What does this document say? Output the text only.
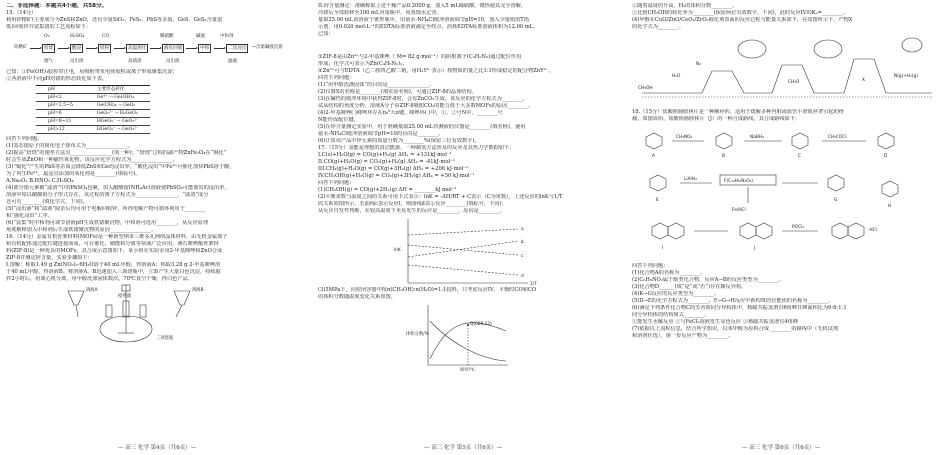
二、非选择题：本题共4小题，共58分。

15.（14分）

利用锌精矿(主要成分为ZnS和ZnO，还有少量SiO₂、FeS₂、PbS等杂质，GeS、GeS₂含量很

低)回收锌并富集锗的工艺流程如下：

锌精矿	焙烧	酸浸	铁粉	高温熔化	液化回收	中和	二次浸出	→含锗碱液沉锗
O₂	H₂SO₄	CO	稀硫酸	碱液	中和剂
烟气	浸出渣	高锗渣	浸出液	滤液

已知：①Fe(OH)₃胶粒带正电，易吸附带负电荷胶粒或离子形成聚集沉淀；

②各溶液中不同pH对锗的形态转化如下表。

pH	主要形态转化
pH<2	Ge⁴⁺ → Ge(OH)₄
pH=2.5~5	Ge(OH)₄ → GeO₂
pH=6	GeO₃²⁻ → H₂GeO₃
pH=8~11	HGeO₃⁻ → GeO₃²⁻
pH>12	HGeO₃⁻ → GeO₃²⁻

回答下列问题：

(1)基态锗原子的简化电子排布式为________________。

(2)提高“焙烧”的速率方法有________________(填一种)；“焙烧”过程的副产物ZnFe₂O₄在“铜化”

时会生成ZnO和一种磁性氧化物，该反应化学方程式为________________。

(3)“铜化”产生的PbS等杂质会降低ZnS和Ge的浸出率，“酸化浸出”中Fe³⁺可催化加快PbS溶于酸，

为了再生Fe³⁺，最适宜添加的氧化剂是________(填标号)。

A.Na₂O₂ B.HNO₃ C.H₂SO₄

(4)部分锗元素被“滤渣”中的PbSO₄包裹，加入醋酸铵(NH₄Ac)溶液使PbSO₄可能离出的浸出率，

溶液中铅以醋酸铅分子形式存在，该过程的离子方程式为________________，“滤渣”成分

还可有________(填化学式，下同)。

(5)“浸出液”和“滤液”除杂后均可用于电解回收锌，所得电解产物可循环利用于________

和“强化浸出”工序。

(6)“富集”时中和剂可调节溶液pH生成铁锗聚沉物，中和剂可选用________，从反应原理

角度解释加入中和剂后生成铁锗聚沉物的原因________________。

16.（14分）金属有机骨架材料(MOFs)是一种新型纳米三维多孔网络晶体材料，由无机金属离子

和有机配体通过配位键连接而成，可在催化、储能和分离等领域广泛应用。沸石咪唑酯骨架材

料(ZIF-8)是一种优良的MOFs，其合成示意图如下，某小组在实验室用2-甲基咪唑和ZnO合成

ZIF-8并测定锌含量，实验步骤如下：

I.溶解：称取1.49 g Zn(NO₃)₂·6H₂O溶于40 mL甲醇，得溶液A；称取3.28 g 2-甲基咪唑溶

于40 mL甲醇，得溶液B。将溶液A、B迅速加入三颈烧瓶中，立即产生大量白色沉淀，持续搅

拌2小时后，用离心机分离，用甲醇洗涤固体数次，70℃真空干燥，得白色产品。

溶液A
搅拌器
溶液B
三颈烧瓶
— 高三 化学 第4页（共6页）—

II.锌含量测定：准确称取上述干燥产品0.2000 g，加入5 mL稀硝酸，微热使其完全溶解，

冷却后全部转移至100 mL容量瓶中，用蒸馏水定容。

量取25.00 mL该溶液于锥形瓶中，用氨水-NH₄Cl缓冲溶液调节pH=10，加入少量铬黑T指

示剂，用0.020 mol·L⁻¹的EDTA标准溶液滴定至终点，消耗EDTA标准溶液体积为12.00 mL。

已知：

①ZIF-8是由Zn²⁺与2-甲基咪唑（ M= 82 g·mol⁻¹）的阴根离子(C₄H₅N₂)通过配位作用

形成，化学式可表示为Zn(C₄H₅N₂)₂；

②Zn²⁺可与EDTA（乙二胺四乙酸二钠，用H₂Y²⁻表示）按物质的量之比1:1形成稳定的配合物ZnY²⁻。

回答下列问题：

(1)“用甲醇洗涤固体”的目的是________________。

(2)仪器X的名称是________(填实验名称)，可通过ZIF-8的晶体结构。

(3)在碱性的缓冲环境中获得ZIF-8时，会有ZnCO₃生成，该反应的化学方程式为________，

试从结构的角度分析，溶液A分子由ZIF-8吸附CO₂的能力低于大多数MOFs的原因________。

(4)2-甲基咪唑( )咪唑环存在π₅⁶大π键，咪唑环( )中，①、②号N中，________号

N能形成配位键。

(5)在锌含量测定实验中，用于准确量取25.00 mL待测液的仪器是________(填名称)，使用

氨水-NH₄Cl缓冲溶液调节pH=10的目的是________。

(6)计算该产品中锌元素的质量分数为________%(保留三位有效数字)。

17.（15分）氢能是理想的清洁能源，一种制氢方法涉及的反应及其热力学数据如下：

I.C(s)+H₂O(g) = CO(g)+H₂(g) ΔH₁ = +131kJ·mol⁻¹

II.CO(g)+H₂O(g) = CO₂(g)+H₂(g) ΔH₂ = -41kJ·mol⁻¹

III.CH₄(g)+H₂O(g) = CO(g)+3H₂(g) ΔH₃ = +206 kJ·mol⁻¹

IV.CH₃OH(g)+H₂O(g) = CO₂(g)+3H₂(g) ΔH₄ = +50 kJ·mol⁻¹

回答下列问题：

(1)CH₃OH(g) = CO(g)+2H₂(g) ΔH = ________kJ·mol⁻¹

(2)平衡常数与温度之间的关系可用下式表示：lnK = -ΔH/RT + C表示（C为常数），上述反应的lnK与1/T

的关系如图所示，若曲线c表示反应I，则曲线d表示反应________(填标号，下同)；

从反应自发性判断，在较高温度下更易发生的反应是________，原因是________。

lnK
1/T
a
b
c
d

(3)5MPa下，向密闭容器中按n(CH₃OH):n(H₂O)=1:1投料，只考虑反应IV，平衡时CO和CO

的体积分数随温度变化关系如图。

Q(600,12)
体积分数/%
温度/℃
— 高三 化学 第5页（共6页）—

①随着温度的升高，H₂的体积分数________。

②比值CH₃OH的转化率为________(保留两位有效数字，下同)，此时反应IV的Kₚ=________。

(4)甲醇在CuO/ZnO/CeO₂/ZrO₂催化剂表面的反应过程与能量关系如下，在如图所示下，产物X

的化学式为________。

CH₃OH
H₂O
N₂
CH₂O	X
N(g)+H₂(g)

18.（15分）盐酸阻肠胺林片是一种解痉药，适用于缓解多种内脏或血管平滑肌痉挛引起的疼

痛。如图该组、盐酸阻肠胺林片（J）的一种合成路线，其合成路线如下：

A	B	C	D
E
F(C₁₄H₂₂N₂O₃)
G
H
I	J
·HCl
CH₃NO₂	NaBH₄	CH₃COCl
LiAlH₄
Fe/HCl
POCl₃

回答下列问题：

(1)化合物A的名称为________。

(2)C₆H₅NO₂属于酚类化合物，反应A→B的反应类型为________。

(3)化合物D______(填“是”或“否”)存在顺反异构。

(4)K→G反应的反应类型为________。

(5)D→E的化学方程式为________，F→G→H反应中新构筑的官能团的名称为________。

(6)满足下列条件化合物C的芳香族同分异构体中，核磁共振氢谱有6组峰且峰面积比为6:6:1:1

同分异构体的结构简式________。

①能发生水解反应 ②与FeCl₃溶液发生显色反应 ③核磁共振氢谱有4组峰

(7)依据以上流程信息，结合所学知识，以苯甲醇为原料合成 ________的路线中（无机试剂

和溶剂任选），第一步反应产物为________。

— 高三 化学 第6页（共6页）—
